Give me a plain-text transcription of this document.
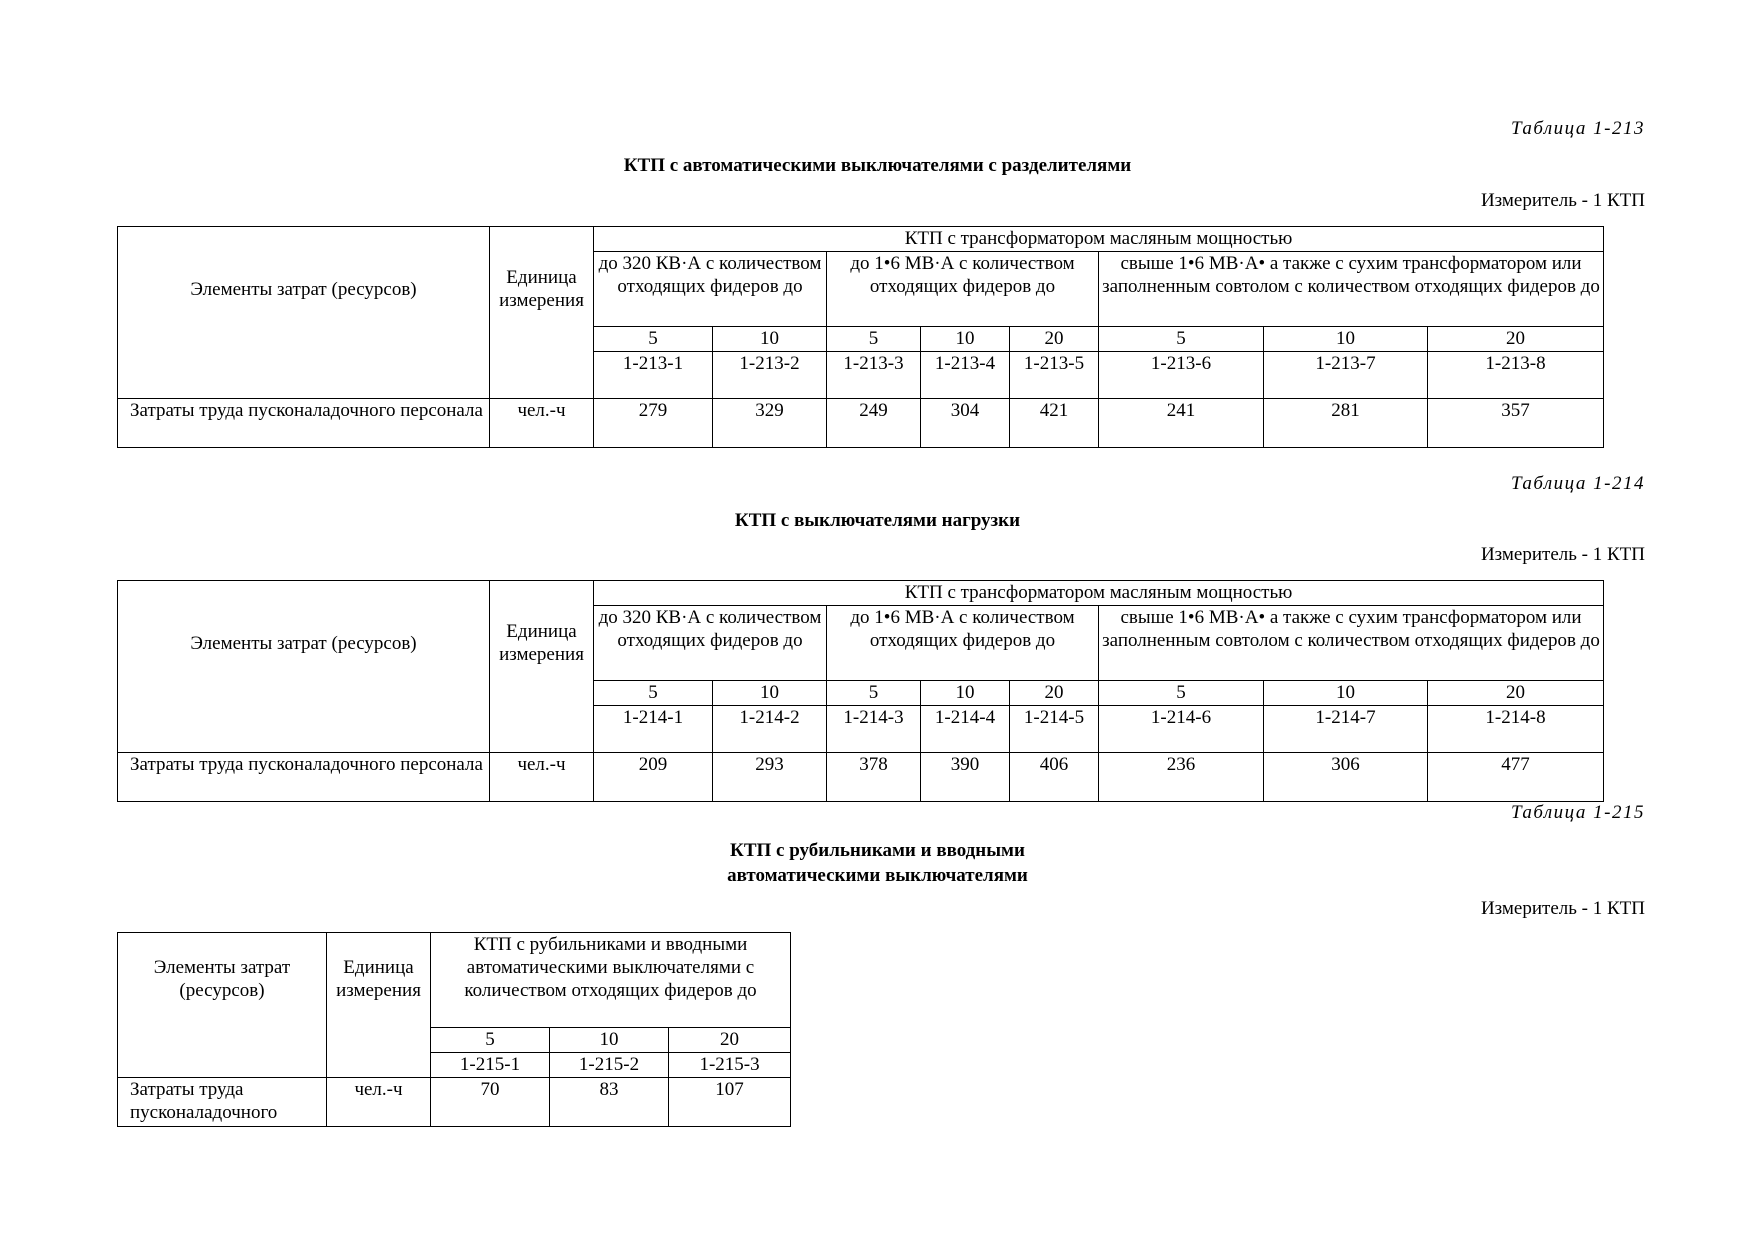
Таблица 1-213
КТП с автоматическими выключателями с разделителями
Измеритель - 1 КТП
Элементы затрат (ресурсов)	Единица измерения	КТП с трансформатором масляным мощностью							
		до 320 КВ·А с количеством отходящих фидеров до		до 1•6 МВ·А с количеством отходящих фидеров до			свыше 1•6 МВ·А• а также с сухим трансформатором или заполненным совтолом с количеством отходящих фидеров до		
		5	10	5	10	20	5	10	20
		1-213-1	1-213-2	1-213-3	1-213-4	1-213-5	1-213-6	1-213-7	1-213-8
Затраты труда пусконаладочного персонала	чел.-ч	279	329	249	304	421	241	281	357
Таблица 1-214
КТП с выключателями нагрузки
Измеритель - 1 КТП
Элементы затрат (ресурсов)	Единица измерения	КТП с трансформатором масляным мощностью							
		до 320 КВ·А с количеством отходящих фидеров до		до 1•6 МВ·А с количеством отходящих фидеров до			свыше 1•6 МВ·А• а также с сухим трансформатором или заполненным совтолом с количеством отходящих фидеров до		
		5	10	5	10	20	5	10	20
		1-214-1	1-214-2	1-214-3	1-214-4	1-214-5	1-214-6	1-214-7	1-214-8
Затраты труда пусконаладочного персонала	чел.-ч	209	293	378	390	406	236	306	477
Таблица 1-215
КТП с рубильниками и вводными
автоматическими выключателями
Измеритель - 1 КТП
Элементы затрат (ресурсов)	Единица измерения	КТП с рубильниками и вводными автоматическими выключателями с количеством отходящих фидеров до		
		5	10	20
		1-215-1	1-215-2	1-215-3
Затраты труда пусконаладочного	чел.-ч	70	83	107
